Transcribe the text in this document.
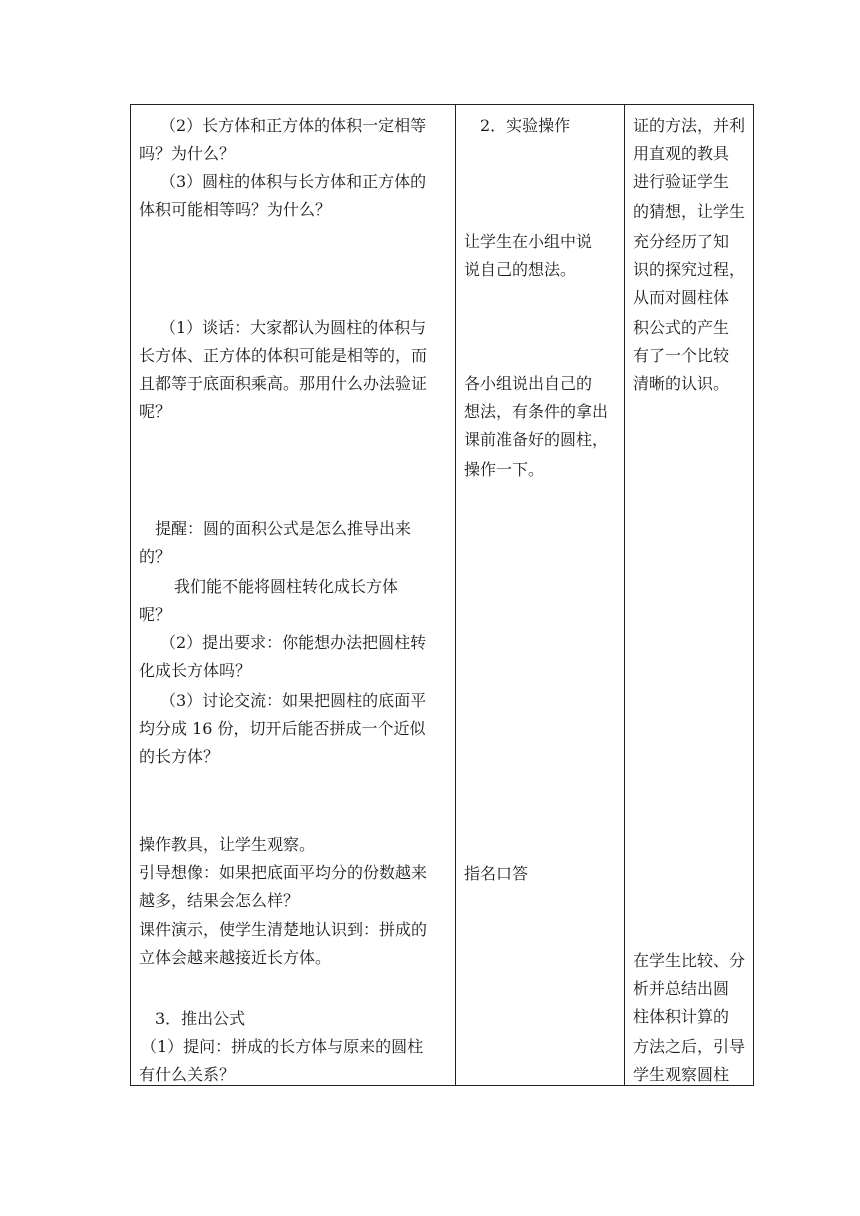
（2）长方体和正方体的体积一定相等
吗？为什么？
（3）圆柱的体积与长方体和正方体的
体积可能相等吗？为什么？
（1）谈话：大家都认为圆柱的体积与
长方体、正方体的体积可能是相等的，而
且都等于底面积乘高。那用什么办法验证
呢？
提醒：圆的面积公式是怎么推导出来
的？
我们能不能将圆柱转化成长方体
呢？
（2）提出要求：你能想办法把圆柱转
化成长方体吗？
（3）讨论交流：如果把圆柱的底面平
均分成 16 份，切开后能否拼成一个近似
的长方体？
操作教具，让学生观察。
引导想像：如果把底面平均分的份数越来
越多，结果会怎么样？
课件演示，使学生清楚地认识到：拼成的
立体会越来越接近长方体。
3．推出公式
（1）提问：拼成的长方体与原来的圆柱
有什么关系？
2．实验操作
让学生在小组中说
说自己的想法。
各小组说出自己的
想法，有条件的拿出
课前准备好的圆柱，
操作一下。
指名口答
证的方法，并利
用直观的教具
进行验证学生
的猜想，让学生
充分经历了知
识的探究过程，
从而对圆柱体
积公式的产生
有了一个比较
清晰的认识。
在学生比较、分
析并总结出圆
柱体积计算的
方法之后，引导
学生观察圆柱
